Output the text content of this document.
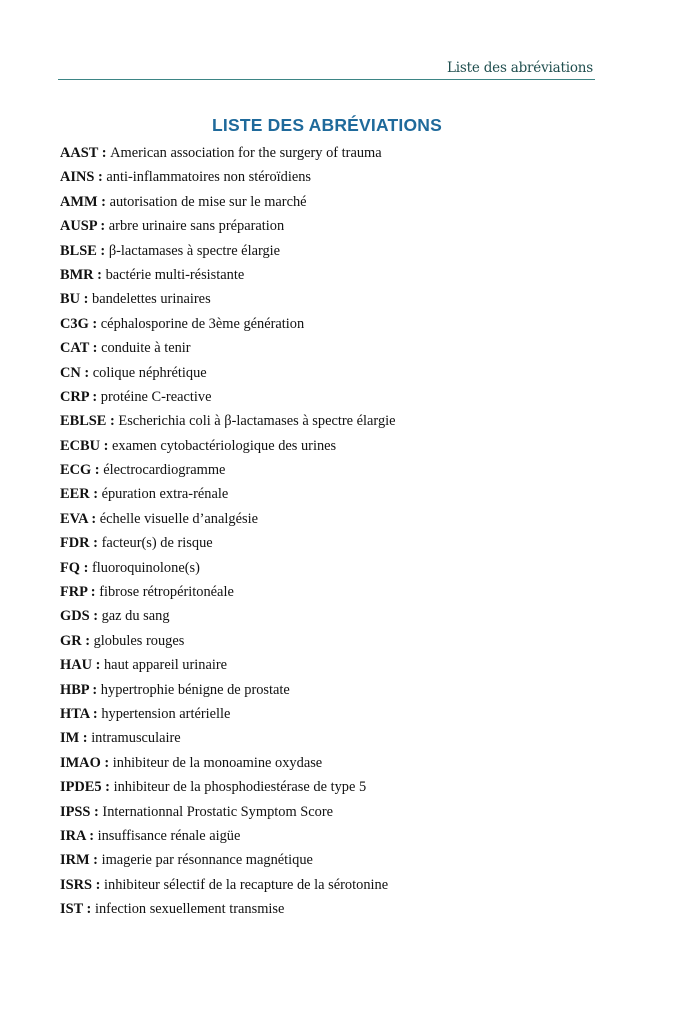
Liste des abréviations
LISTE DES ABRÉVIATIONS
AAST : American association for the surgery of trauma
AINS : anti-inflammatoires non stéroïdiens
AMM : autorisation de mise sur le marché
AUSP : arbre urinaire sans préparation
BLSE : β-lactamases à spectre élargie
BMR : bactérie multi-résistante
BU : bandelettes urinaires
C3G : céphalosporine de 3ème génération
CAT : conduite à tenir
CN : colique néphrétique
CRP : protéine C-reactive
EBLSE : Escherichia coli à β-lactamases à spectre élargie
ECBU : examen cytobactériologique des urines
ECG : électrocardiogramme
EER : épuration extra-rénale
EVA : échelle visuelle d’analgésie
FDR : facteur(s) de risque
FQ : fluoroquinolone(s)
FRP : fibrose rétropéritonéale
GDS : gaz du sang
GR : globules rouges
HAU : haut appareil urinaire
HBP : hypertrophie bénigne de prostate
HTA : hypertension artérielle
IM : intramusculaire
IMAO : inhibiteur de la monoamine oxydase
IPDE5 : inhibiteur de la phosphodiestérase de type 5
IPSS : Internationnal Prostatic Symptom Score
IRA : insuffisance rénale aigüe
IRM : imagerie par résonnance magnétique
ISRS : inhibiteur sélectif de la recapture de la sérotonine
IST : infection sexuellement transmise
